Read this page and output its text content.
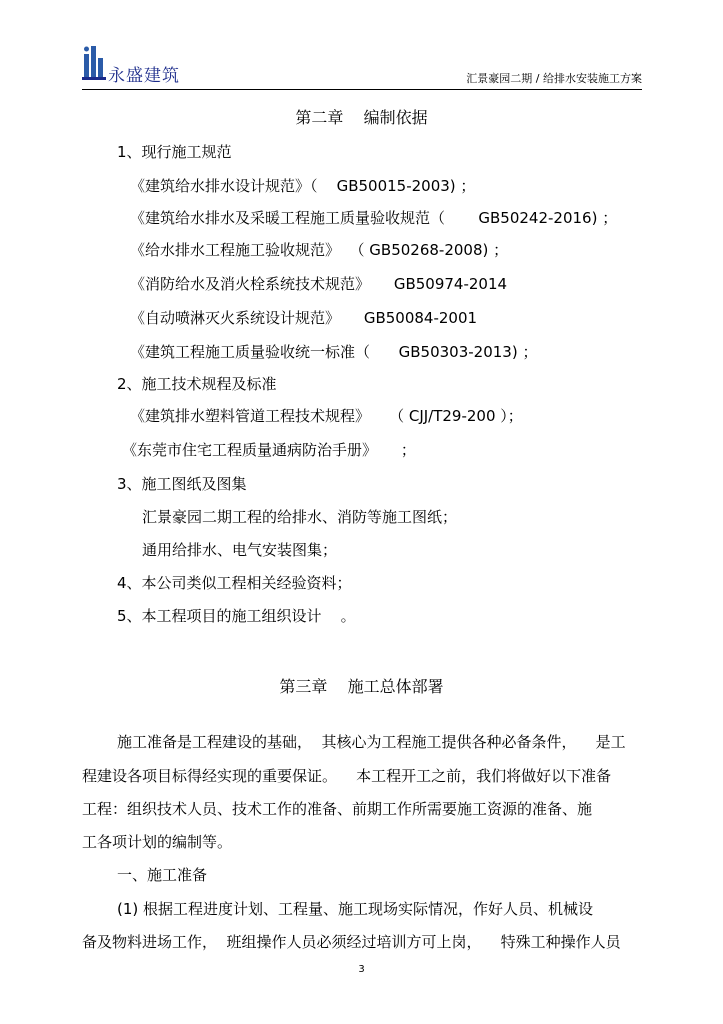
永盛建筑	汇景豪园二期 / 给排水安装施工方案
第二章    编制依据
1、现行施工规范
《建筑给水排水设计规范》（    GB50015-2003) ；
《建筑给水排水及采暖工程施工质量验收规范（       GB50242-2016) ；
《给水排水工程施工验收规范》  （ GB50268-2008) ；
《消防给水及消火栓系统技术规范》     GB50974-2014
《自动喷淋灭火系统设计规范》     GB50084-2001
《建筑工程施工质量验收统一标准（      GB50303-2013) ；
2、施工技术规程及标准
《建筑排水塑料管道工程技术规程》    （ CJJ/T29-200 ）；
《东莞市住宅工程质量通病防治手册》     ；
3、施工图纸及图集
汇景豪园二期工程的给排水、消防等施工图纸；
通用给排水、电气安装图集；
4、本公司类似工程相关经验资料；
5、本工程项目的施工组织设计    。
第三章    施工总体部署
施工准备是工程建设的基础，  其核心为工程施工提供各种必备条件，    是工
程建设各项目标得经实现的重要保证。    本工程开工之前，我们将做好以下准备
工程：组织技术人员、技术工作的准备、前期工作所需要施工资源的准备、施
工各项计划的编制等。
一、施工准备
(1) 根据工程进度计划、工程量、施工现场实际情况，作好人员、机械设
备及物料进场工作，  班组操作人员必须经过培训方可上岗，    特殊工种操作人员
3
